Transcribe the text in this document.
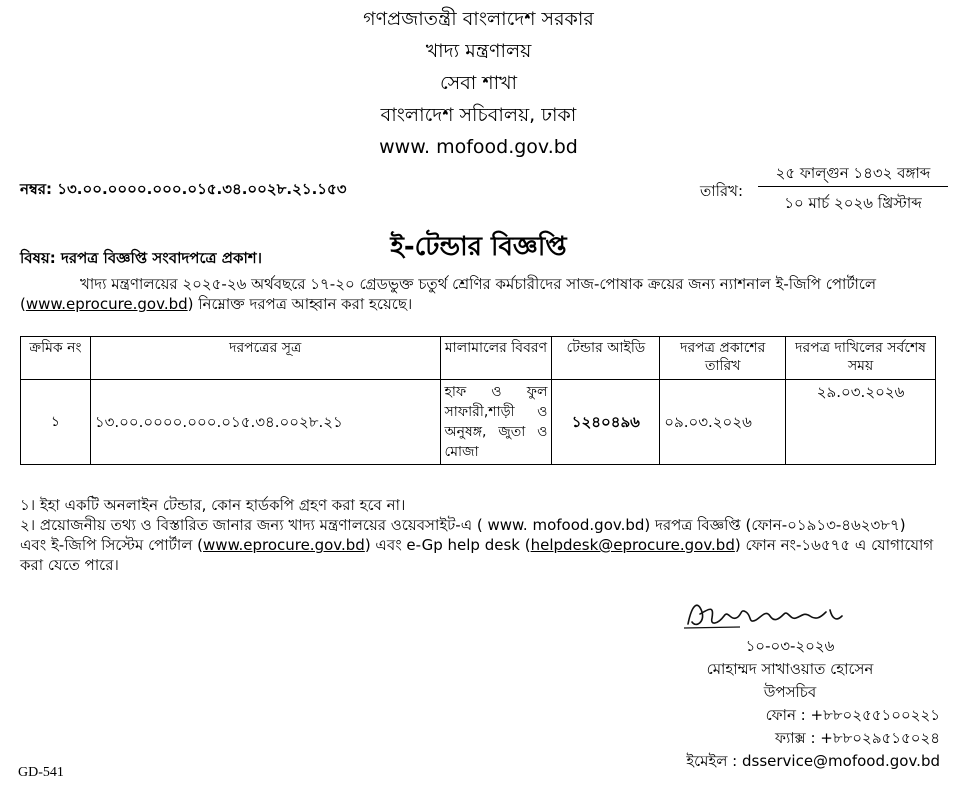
গণপ্রজাতন্ত্রী বাংলাদেশ সরকার
খাদ্য মন্ত্রণালয়
সেবা শাখা
বাংলাদেশ সচিবালয়, ঢাকা
www. mofood.gov.bd
নম্বর: ১৩.০০.০০০০.০০০.০১৫.৩৪.০০২৮.২১.১৫৩	তারিখ:
২৫ ফাল্গুন ১৪৩২ বঙ্গাব্দ
১০ মার্চ ২০২৬ খ্রিস্টাব্দ
ই-টেন্ডার বিজ্ঞপ্তি
বিষয়: দরপত্র বিজ্ঞপ্তি সংবাদপত্রে প্রকাশ।
খাদ্য মন্ত্রণালয়ের ২০২৫-২৬ অর্থবছরে ১৭-২০ গ্রেডভুক্ত চতুর্থ শ্রেণির কর্মচারীদের সাজ-পোষাক ক্রয়ের জন্য ন্যাশনাল ই-জিপি পোর্টালে (www.eprocure.gov.bd) নিম্নোক্ত দরপত্র আহ্বান করা হয়েছে।
ক্রমিক নং	দরপত্রের সূত্র	মালামালের বিবরণ	টেন্ডার আইডি	দরপত্র প্রকাশের তারিখ	দরপত্র দাখিলের সর্বশেষ সময়
১	১৩.০০.০০০০.০০০.০১৫.৩৪.০০২৮.২১	হাফ ও ফুল সাফারী,শাড়ী ও অনুষঙ্গ, জুতা ও মোজা	১২৪০৪৯৬	০৯.০৩.২০২৬	২৯.০৩.২০২৬

১। ইহা একটি অনলাইন টেন্ডার, কোন হার্ডকপি গ্রহণ করা হবে না।

২। প্রয়োজনীয় তথ্য ও বিস্তারিত জানার জন্য খাদ্য মন্ত্রণালয়ের ওয়েবসাইট-এ ( www. mofood.gov.bd) দরপত্র বিজ্ঞপ্তি (ফোন-০১৯১৩-৪৬২৩৮৭) এবং ই-জিপি সিস্টেম পোর্টাল (www.eprocure.gov.bd) এবং e-Gp help desk (helpdesk@eprocure.gov.bd) ফোন নং-১৬৫৭৫ এ যোগাযোগ করা যেতে পারে।

১০-০৩-২০২৬
মোহাম্মদ সাখাওয়াত হোসেন
উপসচিব
ফোন : +৮৮০২৫৫১০০২২১
ফ্যাক্স : +৮৮০২৯৫১৫০২৪
ইমেইল : dsservice@mofood.gov.bd
GD-541
